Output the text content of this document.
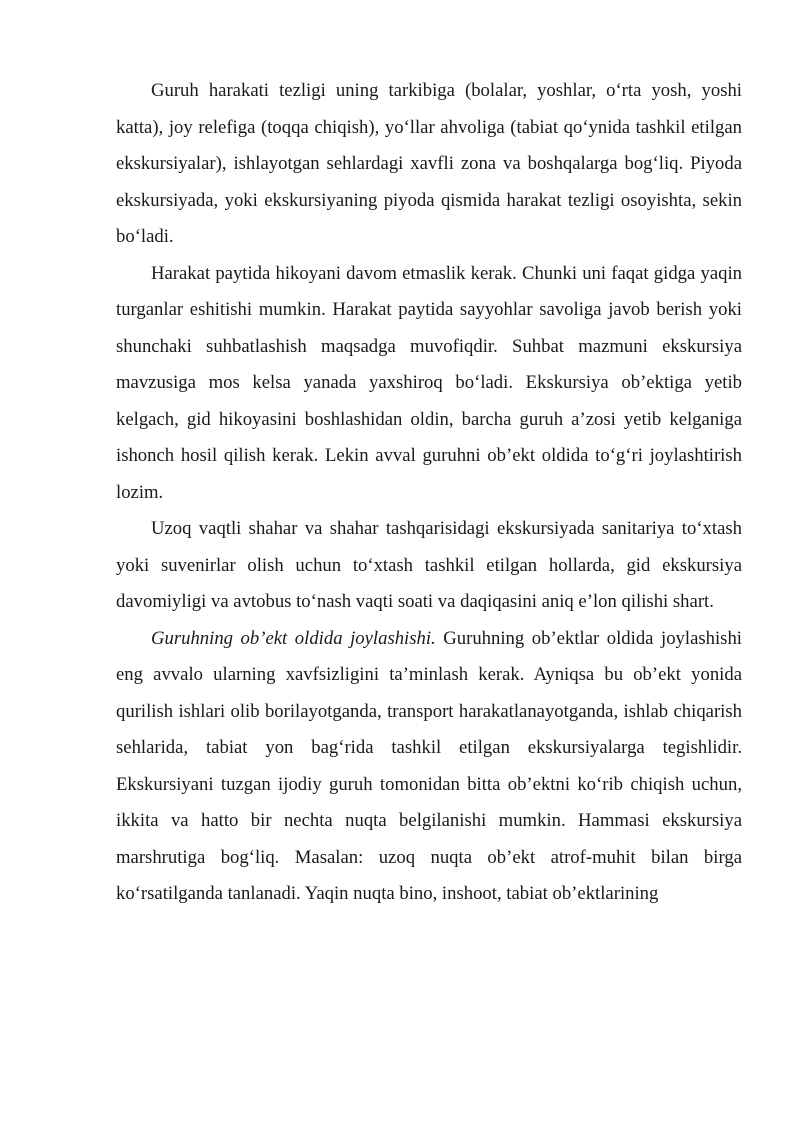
Guruh harakati tezligi uning tarkibiga (bolalar, yoshlar, o‘rta yosh, yoshi katta), joy relefiga (toqqa chiqish), yo‘llar ahvoliga (tabiat qo‘ynida tashkil etilgan ekskursiyalar), ishlayotgan sehlardagi xavfli zona va boshqalarga bog‘liq. Piyoda ekskursiyada, yoki ekskursiyaning piyoda qismida harakat tezligi osoyishta, sekin bo‘ladi.

Harakat paytida hikoyani davom etmaslik kerak. Chunki uni faqat gidga yaqin turganlar eshitishi mumkin. Harakat paytida sayyohlar savoliga javob berish yoki shunchaki suhbatlashish maqsadga muvofiqdir. Suhbat mazmuni ekskursiya mavzusiga mos kelsa yanada yaxshiroq bo‘ladi. Ekskursiya ob’ektiga yetib kelgach, gid hikoyasini boshlashidan oldin, barcha guruh a’zosi yetib kelganiga ishonch hosil qilish kerak. Lekin avval guruhni ob’ekt oldida to‘g‘ri joylashtirish lozim.

Uzoq vaqtli shahar va shahar tashqarisidagi ekskursiyada sanitariya to‘xtash yoki suvenirlar olish uchun to‘xtash tashkil etilgan hollarda, gid ekskursiya davomiyligi va avtobus to‘nash vaqti soati va daqiqasini aniq e’lon qilishi shart.

Guruhning ob’ekt oldida joylashishi. Guruhning ob’ektlar oldida joylashishi eng avvalo ularning xavfsizligini ta’minlash kerak. Ayniqsa bu ob’ekt yonida qurilish ishlari olib borilayotganda, transport harakatlanayotganda, ishlab chiqarish sehlarida, tabiat yon bag‘rida tashkil etilgan ekskursiyalarga tegishlidir. Ekskursiyani tuzgan ijodiy guruh tomonidan bitta ob’ektni ko‘rib chiqish uchun, ikkita va hatto bir nechta nuqta belgilanishi mumkin. Hammasi ekskursiya marshrutiga bog‘liq. Masalan: uzoq nuqta ob’ekt atrof-muhit bilan birga ko‘rsatilganda tanlanadi. Yaqin nuqta bino, inshoot, tabiat ob’ektlarining
